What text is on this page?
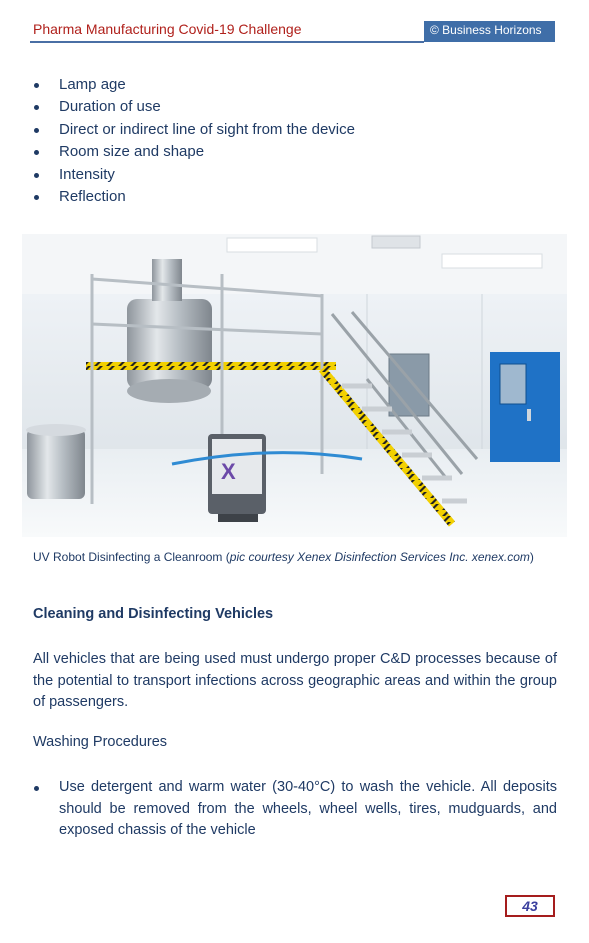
Pharma Manufacturing Covid-19 Challenge	© Business Horizons
Lamp age
Duration of use
Direct or indirect line of sight from the device
Room size and shape
Intensity
Reflection
X
UV Robot Disinfecting a Cleanroom (pic courtesy Xenex Disinfection Services Inc. xenex.com)
Cleaning and Disinfecting Vehicles

All vehicles that are being used must undergo proper C&D processes because of the potential to transport infections across geographic areas and within the group of passengers.

Washing Procedures
Use detergent and warm water (30-40°C) to wash the vehicle. All deposits should be removed from the wheels, wheel wells, tires, mudguards, and exposed chassis of the vehicle
43
